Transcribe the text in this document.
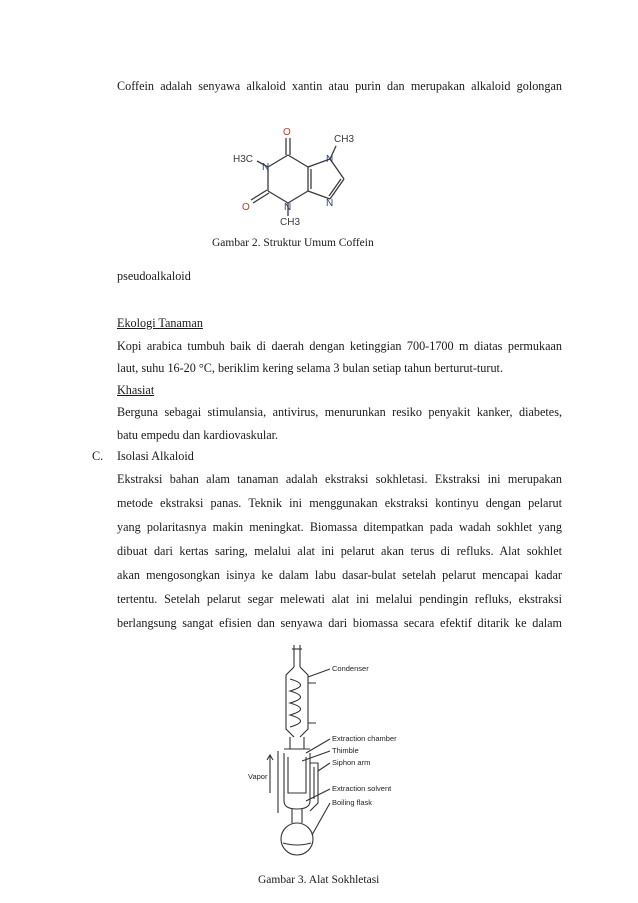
Coffein adalah senyawa alkaloid xantin atau purin dan merupakan alkaloid golongan
O
O
N
N
N
N
H3C
CH3
CH3
Gambar 2. Struktur Umum Coffein
pseudoalkaloid
Ekologi Tanaman
Kopi arabica tumbuh baik di daerah dengan ketinggian 700-1700 m diatas permukaan
laut, suhu 16-20 °C, beriklim kering selama 3 bulan setiap tahun berturut-turut.
Khasiat
Berguna sebagai stimulansia, antivirus, menurunkan resiko penyakit kanker, diabetes,
batu empedu dan kardiovaskular.
C. Isolasi Alkaloid
Ekstraksi bahan alam tanaman adalah ekstraksi sokhletasi. Ekstraksi ini merupakan
metode ekstraksi panas. Teknik ini menggunakan ekstraksi kontinyu dengan pelarut
yang polaritasnya makin meningkat. Biomassa ditempatkan pada wadah sokhlet yang
dibuat dari kertas saring, melalui alat ini pelarut akan terus di refluks. Alat sokhlet
akan mengosongkan isinya ke dalam labu dasar-bulat setelah pelarut mencapai kadar
tertentu. Setelah pelarut segar melewati alat ini melalui pendingin refluks, ekstraksi
berlangsung sangat efisien dan senyawa dari biomassa secara efektif ditarik ke dalam
Condenser
Extraction chamber
Thimble
Siphon arm
Extraction solvent
Boiling flask
Vapor
Gambar 3. Alat Sokhletasi
